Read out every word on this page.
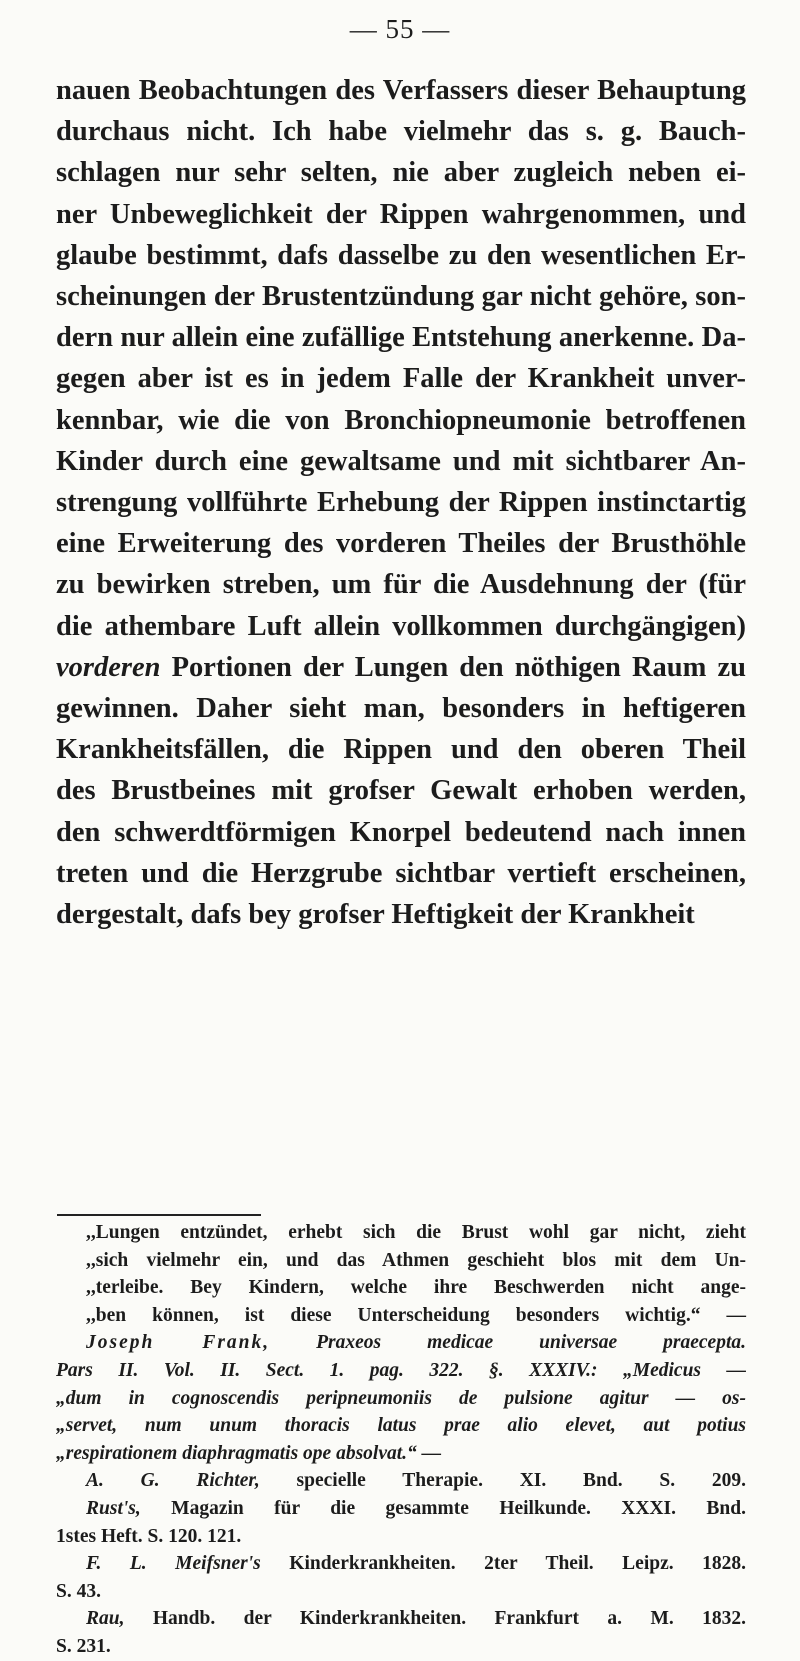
— 55 —
nauen Beobachtungen des Verfassers dieser Behauptung
durchaus nicht. Ich habe vielmehr das s. g. Bauch-
schlagen nur sehr selten, nie aber zugleich neben ei-
ner Unbeweglichkeit der Rippen wahrgenommen, und
glaube bestimmt, dafs dasselbe zu den wesentlichen Er-
scheinungen der Brustentzündung gar nicht gehöre, son-
dern nur allein eine zufällige Entstehung anerkenne. Da-
gegen aber ist es in jedem Falle der Krankheit unver-
kennbar, wie die von Bronchiopneumonie betroffenen
Kinder durch eine gewaltsame und mit sichtbarer An-
strengung vollführte Erhebung der Rippen instinctartig
eine Erweiterung des vorderen Theiles der Brusthöhle
zu bewirken streben, um für die Ausdehnung der (für
die athembare Luft allein vollkommen durchgängigen)
vorderen Portionen der Lungen den nöthigen Raum zu
gewinnen. Daher sieht man, besonders in heftigeren
Krankheitsfällen, die Rippen und den oberen Theil
des Brustbeines mit grofser Gewalt erhoben werden,
den schwerdtförmigen Knorpel bedeutend nach innen
treten und die Herzgrube sichtbar vertieft erscheinen,
dergestalt, dafs bey grofser Heftigkeit der Krankheit
,,Lungen entzündet, erhebt sich die Brust wohl gar nicht, zieht
,,sich vielmehr ein, und das Athmen geschieht blos mit dem Un-
,,terleibe. Bey Kindern, welche ihre Beschwerden nicht ange-
,,ben können, ist diese Unterscheidung besonders wichtig.“ —
Joseph Frank, Praxeos medicae universae praecepta.
Pars II. Vol. II. Sect. 1. pag. 322. §. XXXIV.: „Medicus —
„dum in cognoscendis peripneumoniis de pulsione agitur — os-
„servet, num unum thoracis latus prae alio elevet, aut potius
„respirationem diaphragmatis ope absolvat.“ —
A. G. Richter, specielle Therapie. XI. Bnd. S. 209.
Rust's, Magazin für die gesammte Heilkunde. XXXI. Bnd.
1stes Heft. S. 120. 121.
F. L. Meifsner's Kinderkrankheiten. 2ter Theil. Leipz. 1828.
S. 43.
Rau, Handb. der Kinderkrankheiten. Frankfurt a. M. 1832.
S. 231.
